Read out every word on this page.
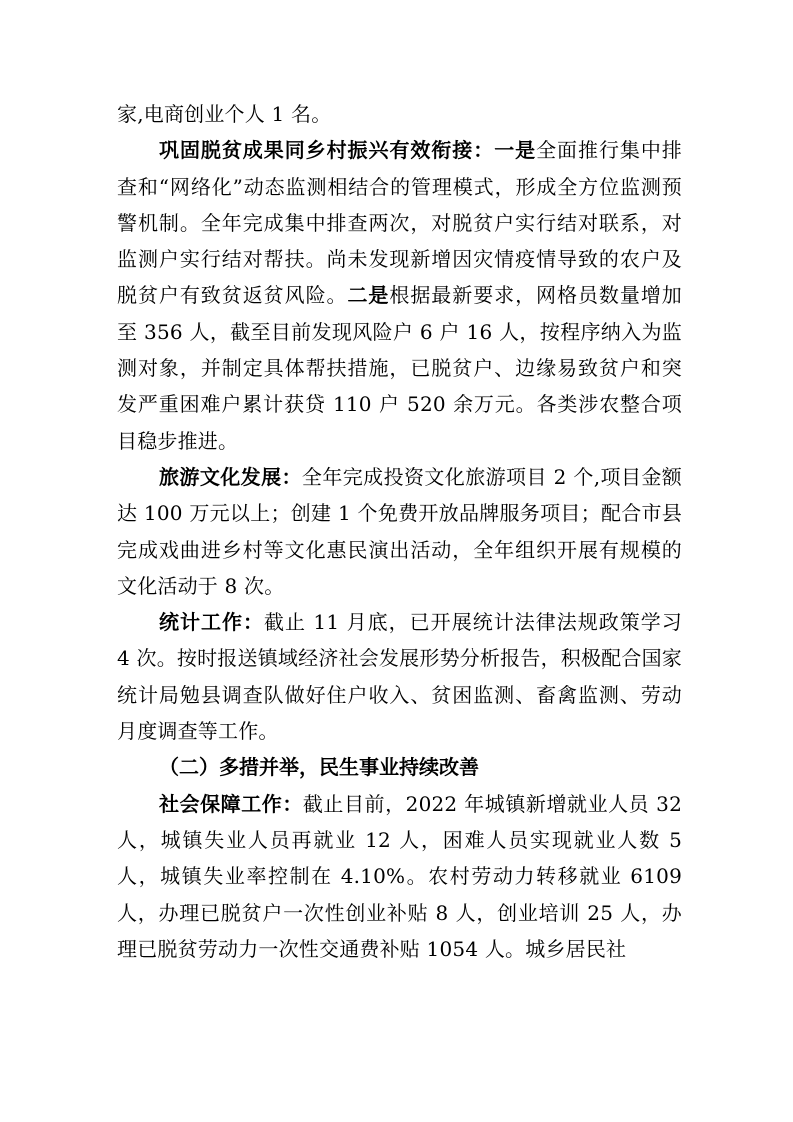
家,电商创业个人 1 名。

巩固脱贫成果同乡村振兴有效衔接：一是全面推行集中排查和“网络化”动态监测相结合的管理模式，形成全方位监测预警机制。全年完成集中排查两次，对脱贫户实行结对联系，对监测户实行结对帮扶。尚未发现新增因灾情疫情导致的农户及脱贫户有致贫返贫风险。二是根据最新要求，网格员数量增加至 356 人，截至目前发现风险户 6 户 16 人，按程序纳入为监测对象，并制定具体帮扶措施，已脱贫户、边缘易致贫户和突发严重困难户累计获贷 110 户 520 余万元。各类涉农整合项目稳步推进。

旅游文化发展：全年完成投资文化旅游项目 2 个,项目金额达 100 万元以上；创建 1 个免费开放品牌服务项目；配合市县完成戏曲进乡村等文化惠民演出活动，全年组织开展有规模的文化活动于 8 次。

统计工作：截止 11 月底，已开展统计法律法规政策学习 4 次。按时报送镇域经济社会发展形势分析报告，积极配合国家统计局勉县调查队做好住户收入、贫困监测、畜禽监测、劳动月度调查等工作。

（二）多措并举，民生事业持续改善

社会保障工作：截止目前，2022 年城镇新增就业人员 32 人，城镇失业人员再就业 12 人，困难人员实现就业人数 5 人，城镇失业率控制在 4.10%。农村劳动力转移就业 6109 人，办理已脱贫户一次性创业补贴 8 人，创业培训 25 人，办理已脱贫劳动力一次性交通费补贴 1054 人。城乡居民社
